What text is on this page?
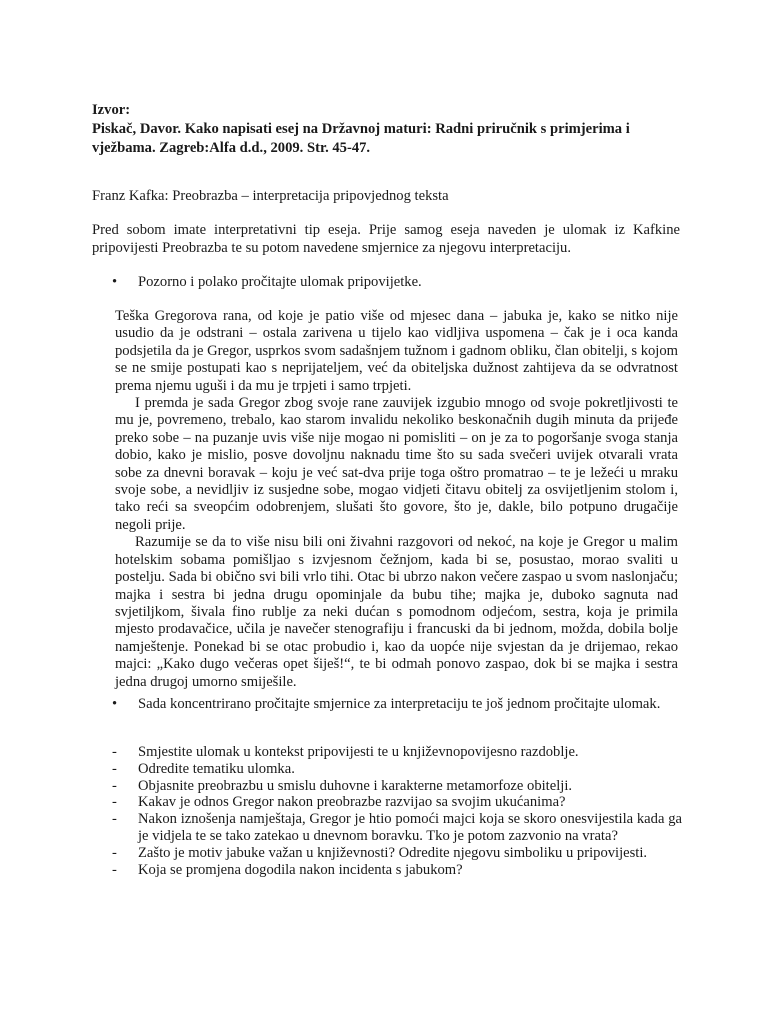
Izvor:
Piskač, Davor. Kako napisati esej na Državnoj maturi: Radni priručnik s primjerima i vježbama. Zagreb:Alfa d.d., 2009. Str. 45-47.
Franz Kafka: Preobrazba – interpretacija pripovjednog teksta
Pred sobom imate interpretativni tip eseja. Prije samog eseja naveden je ulomak iz Kafkine pripovijesti Preobrazba te su potom navedene smjernice za njegovu interpretaciju.
•	Pozorno i polako pročitajte ulomak pripovijetke.

Teška Gregorova rana, od koje je patio više od mjesec dana – jabuka je, kako se nitko nije usudio da je odstrani – ostala zarivena u tijelo kao vidljiva uspomena – čak je i oca kanda podsjetila da je Gregor, usprkos svom sadašnjem tužnom i gadnom obliku, član obitelji, s kojom se ne smije postupati kao s neprijateljem, već da obiteljska dužnost zahtijeva da se odvratnost prema njemu uguši i da mu je trpjeti i samo trpjeti.

I premda je sada Gregor zbog svoje rane zauvijek izgubio mnogo od svoje pokretljivosti te mu je, povremeno, trebalo, kao starom invalidu nekoliko beskonačnih dugih minuta da prijeđe preko sobe – na puzanje uvis više nije mogao ni pomisliti – on je za to pogoršanje svoga stanja dobio, kako je mislio, posve dovoljnu naknadu time što su sada svečeri uvijek otvarali vrata sobe za dnevni boravak – koju je već sat-dva prije toga oštro promatrao – te je ležeći u mraku svoje sobe, a nevidljiv iz susjedne sobe, mogao vidjeti čitavu obitelj za osvijetljenim stolom i, tako reći sa sveopćim odobrenjem, slušati što govore, što je, dakle, bilo potpuno drugačije negoli prije.

Razumije se da to više nisu bili oni živahni razgovori od nekoć, na koje je Gregor u malim hotelskim sobama pomišljao s izvjesnom čežnjom, kada bi se, posustao, morao svaliti u postelju. Sada bi obično svi bili vrlo tihi. Otac bi ubrzo nakon večere zaspao u svom naslonjaču; majka i sestra bi jedna drugu opominjale da bubu tihe; majka je, duboko sagnuta nad svjetiljkom, šivala fino rublje za neki dućan s pomodnom odjećom, sestra, koja je primila mjesto prodavačice, učila je navečer stenografiju i francuski da bi jednom, možda, dobila bolje namještenje. Ponekad bi se otac probudio i, kao da uopće nije svjestan da je drijemao, rekao majci: „Kako dugo večeras opet šiješ!“, te bi odmah ponovo zaspao, dok bi se majka i sestra jedna drugoj umorno smiješile.

•	Sada koncentrirano pročitajte smjernice za interpretaciju te još jednom pročitajte ulomak.
- Smjestite ulomak u kontekst pripovijesti te u književnopovijesno razdoblje.
- Odredite tematiku ulomka.
- Objasnite preobrazbu u smislu duhovne i karakterne metamorfoze obitelji.
- Kakav je odnos Gregor nakon preobrazbe razvijao sa svojim ukućanima?
- Nakon iznošenja namještaja, Gregor je htio pomoći majci koja se skoro onesvijestila kada ga je vidjela te se tako zatekao u dnevnom boravku. Tko je potom zazvonio na vrata?
- Zašto je motiv jabuke važan u književnosti? Odredite njegovu simboliku u pripovijesti.
- Koja se promjena dogodila nakon incidenta s jabukom?
